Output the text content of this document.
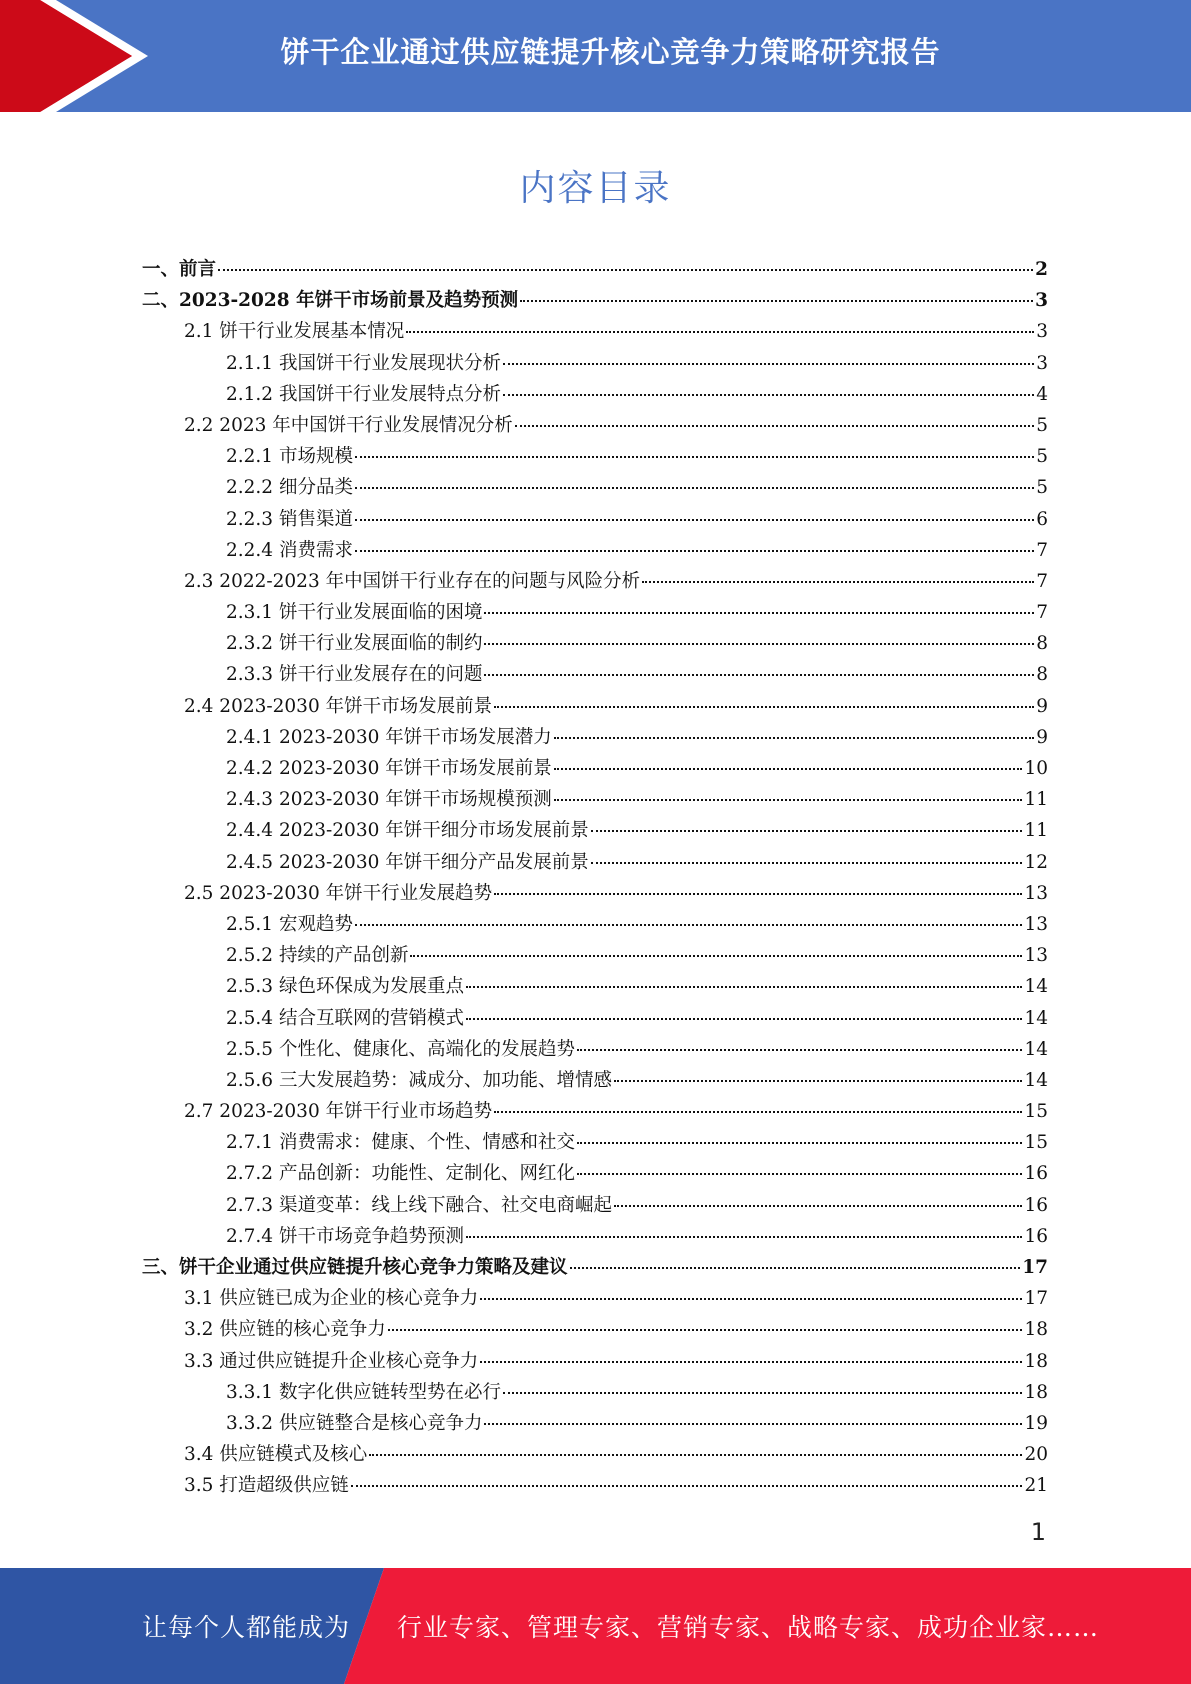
饼干企业通过供应链提升核心竞争力策略研究报告
内容目录
一、前言	2
二、2023-2028 年饼干市场前景及趋势预测	3
2.1 饼干行业发展基本情况	3
2.1.1 我国饼干行业发展现状分析	3
2.1.2 我国饼干行业发展特点分析	4
2.2 2023 年中国饼干行业发展情况分析	5
2.2.1 市场规模	5
2.2.2 细分品类	5
2.2.3 销售渠道	6
2.2.4 消费需求	7
2.3 2022-2023 年中国饼干行业存在的问题与风险分析	7
2.3.1 饼干行业发展面临的困境	7
2.3.2 饼干行业发展面临的制约	8
2.3.3 饼干行业发展存在的问题	8
2.4 2023-2030 年饼干市场发展前景	9
2.4.1 2023-2030 年饼干市场发展潜力	9
2.4.2 2023-2030 年饼干市场发展前景	10
2.4.3 2023-2030 年饼干市场规模预测	11
2.4.4 2023-2030 年饼干细分市场发展前景	11
2.4.5 2023-2030 年饼干细分产品发展前景	12
2.5 2023-2030 年饼干行业发展趋势	13
2.5.1 宏观趋势	13
2.5.2 持续的产品创新	13
2.5.3 绿色环保成为发展重点	14
2.5.4 结合互联网的营销模式	14
2.5.5 个性化、健康化、高端化的发展趋势	14
2.5.6 三大发展趋势：减成分、加功能、增情感	14
2.7 2023-2030 年饼干行业市场趋势	15
2.7.1 消费需求：健康、个性、情感和社交	15
2.7.2 产品创新：功能性、定制化、网红化	16
2.7.3 渠道变革：线上线下融合、社交电商崛起	16
2.7.4 饼干市场竞争趋势预测	16
三、饼干企业通过供应链提升核心竞争力策略及建议	17
3.1 供应链已成为企业的核心竞争力	17
3.2 供应链的核心竞争力	18
3.3 通过供应链提升企业核心竞争力	18
3.3.1 数字化供应链转型势在必行	18
3.3.2 供应链整合是核心竞争力	19
3.4 供应链模式及核心	20
3.5 打造超级供应链	21
1
让每个人都能成为 行业专家、管理专家、营销专家、战略专家、成功企业家……
